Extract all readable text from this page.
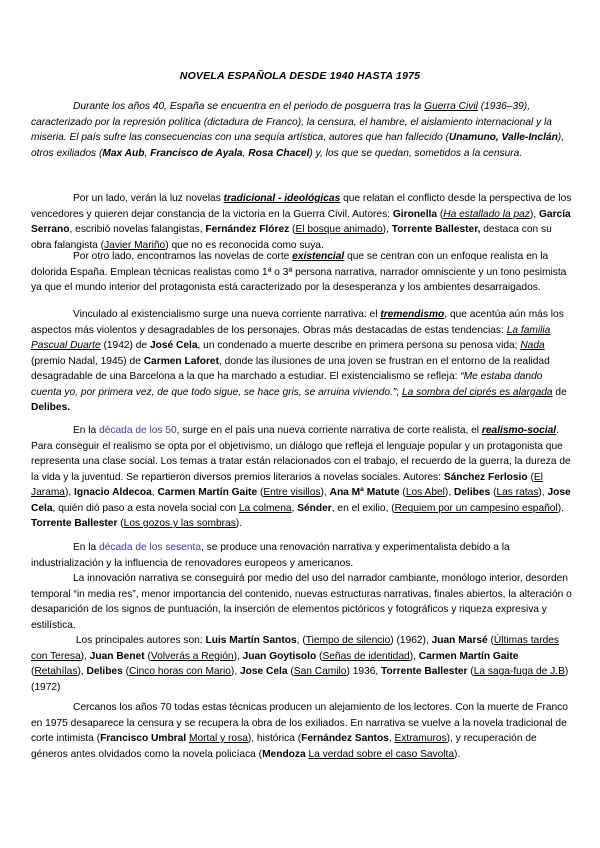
NOVELA ESPAÑOLA DESDE 1940 HASTA 1975

Durante los años 40, España se encuentra en el periodo de posguerra tras la Guerra Civil (1936–39), caracterizado por la represión política (dictadura de Franco), la censura, el hambre, el aislamiento internacional y la miseria. El país sufre las consecuencias con una sequía artística, autores que han fallecido (Unamuno, Valle-Inclán), otros exiliados (Max Aub, Francisco de Ayala, Rosa Chacel) y, los que se quedan, sometidos a la censura.

Por un lado, verán la luz novelas tradicional - ideológicas que relatan el conflicto desde la perspectiva de los vencedores y quieren dejar constancia de la victoria en la Guerra Civil. Autores: Gironella (Ha estallado la paz), García Serrano, escribió novelas falangistas, Fernández Flórez (El bosque animado), Torrente Ballester, destaca con su obra falangista (Javier Mariño) que no es reconocida como suya.

Por otro lado, encontramos las novelas de corte existencial que se centran con un enfoque realista en la dolorida España. Emplean técnicas realistas como 1ª o 3ª persona narrativa, narrador omnisciente y un tono pesimista ya que el mundo interior del protagonista está caracterizado por la desesperanza y los ambientes desarraigados.

Vinculado al existencialismo surge una nueva corriente narrativa: el tremendismo, que acentúa aún más los aspectos más violentos y desagradables de los personajes. Obras más destacadas de estas tendencias: La familia Pascual Duarte (1942) de José Cela, un condenado a muerte describe en primera persona su penosa vida; Nada (premio Nadal, 1945) de Carmen Laforet, donde las ilusiones de una joven se frustran en el entorno de la realidad desagradable de una Barcelona a la que ha marchado a estudiar. El existencialismo se refleja: “Me estaba dando cuenta yo, por primera vez, de que todo sigue, se hace gris, se arruina viviendo.”; La sombra del ciprés es alargada de Delibes.

En la década de los 50, surge en el país una nueva corriente narrativa de corte realista, el realismo-social. Para conseguir el realismo se opta por el objetivismo, un diálogo que refleja el lenguaje popular y un protagonista que representa una clase social. Los temas a tratar están relacionados con el trabajo, el recuerdo de la guerra, la dureza de la vida y la juventud. Se repartieron diversos premios literarios a novelas sociales. Autores: Sánchez Ferlosio (El Jarama), Ignacio Aldecoa, Carmen Martín Gaite (Entre visillos), Ana Mª Matute (Los Abel), Delibes (Las ratas), Jose Cela, quién dió paso a esta novela social con La colmena, Sénder, en el exilio, (Requiem por un campesino español). Torrente Ballester (Los gozos y las sombras).

En la década de los sesenta, se produce una renovación narrativa y experimentalista debido a la industrialización y la influencia de renovadores europeos y americanos.

La innovación narrativa se conseguirá por medio del uso del narrador cambiante, monólogo interior, desorden temporal “in media res”, menor importancia del contenido, nuevas estructuras narrativas, finales abiertos, la alteración o desaparición de los signos de puntuación, la inserción de elementos pictóricos y fotográficos y riqueza expresiva y estilística.

Los principales autores son: Luis Martín Santos, (Tiempo de silencio) (1962), Juan Marsé (Últimas tardes con Teresa), Juan Benet (Volverás a Región), Juan Goytisolo (Señas de identidad), Carmen Martín Gaite (Retahílas), Delibes (Cinco horas con Mario), Jose Cela (San Camilo) 1936, Torrente Ballester (La saga-fuga de J.B) (1972)

Cercanos los años 70 todas estas técnicas producen un alejamiento de los lectores. Con la muerte de Franco en 1975 desaparece la censura y se recupera la obra de los exiliados. En narrativa se vuelve a la novela tradicional de corte intimista (Francisco Umbral Mortal y rosa), histórica (Fernández Santos, Extramuros), y recuperación de géneros antes olvidados como la novela policíaca (Mendoza La verdad sobre el caso Savolta).
